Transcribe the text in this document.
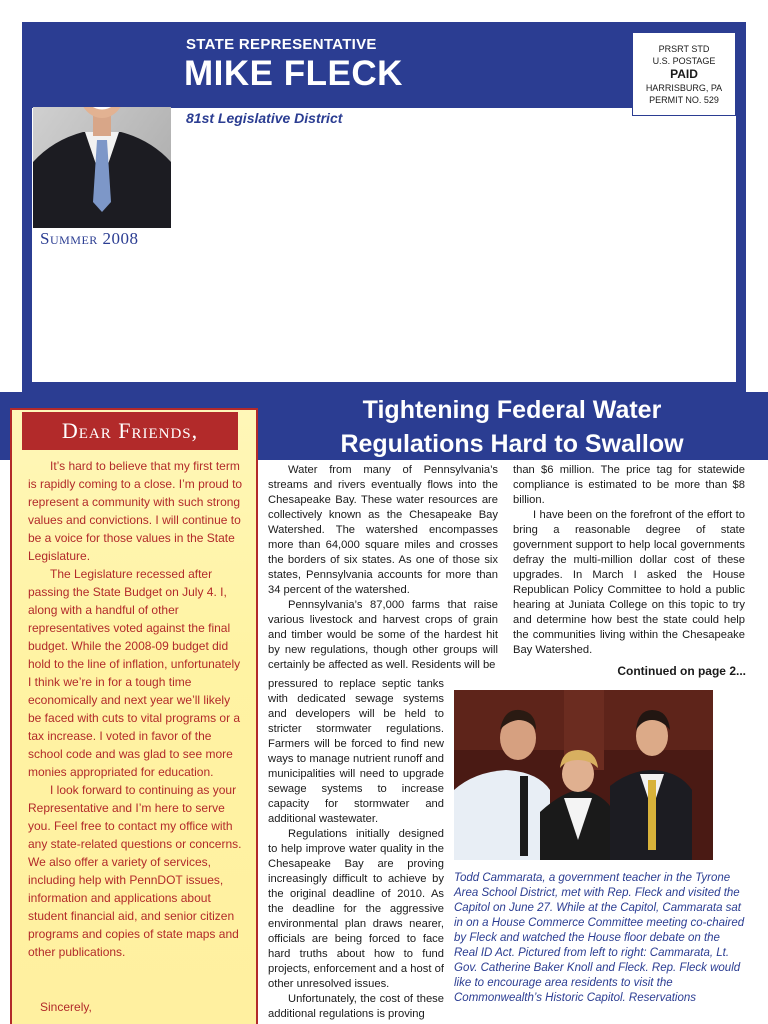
STATE REPRESENTATIVE
MIKE FLECK
81st Legislative District
Summer 2008
PRSRT STD
U.S. POSTAGE
PAID
HARRISBURG, PA
PERMIT NO. 529
Tightening Federal Water
Regulations Hard to Swallow
Dear Friends,

It’s hard to believe that my first term is rapidly coming to a close. I’m proud to represent a community with such strong values and convictions. I will continue to be a voice for those values in the State Legislature.

The Legislature recessed after passing the State Budget on July 4. I, along with a handful of other representatives voted against the final budget. While the 2008-09 budget did hold to the line of inflation, unfortunately I think we’re in for a tough time economically and next year we’ll likely be faced with cuts to vital programs or a tax increase. I voted in favor of the school code and was glad to see more monies appropriated for education.

I look forward to continuing as your Representative and I’m here to serve you. Feel free to contact my office with any state-related questions or concerns. We also offer a variety of services, including help with PennDOT issues, information and applications about student financial aid, and senior citizen programs and copies of state maps and other publications.

Sincerely,

Water from many of Pennsylvania’s streams and rivers eventually flows into the Chesapeake Bay. These water resources are collectively known as the Chesapeake Bay Watershed. The watershed encompasses more than 64,000 square miles and crosses the borders of six states. As one of those six states, Pennsylvania accounts for more than 34 percent of the watershed.

Pennsylvania’s 87,000 farms that raise various livestock and harvest crops of grain and timber would be some of the hardest hit by new regulations, though other groups will certainly be affected as well. Residents will be

pressured to replace septic tanks with dedicated sewage systems and developers will be held to stricter stormwater regulations. Farmers will be forced to find new ways to manage nutrient runoff and municipalities will need to upgrade sewage systems to increase capacity for stormwater and additional wastewater.

Regulations initially designed to help improve water quality in the Chesapeake Bay are proving increasingly difficult to achieve by the original deadline of 2010. As the deadline for the aggressive environmental plan draws nearer, officials are being forced to face hard truths about how to fund projects, enforcement and a host of other unresolved issues.

Unfortunately, the cost of these additional regulations is proving

than $6 million. The price tag for statewide compliance is estimated to be more than $8 billion.

I have been on the forefront of the effort to bring a reasonable degree of state government support to help local governments defray the multi-million dollar cost of these upgrades. In March I asked the House Republican Policy Committee to hold a public hearing at Juniata College on this topic to try and determine how best the state could help the communities living within the Chesapeake Bay Watershed.

Continued on page 2...
Todd Cammarata, a government teacher in the Tyrone Area School District, met with Rep. Fleck and visited the Capitol on June 27. While at the Capitol, Cammarata sat in on a House Commerce Committee meeting co-chaired by Fleck and watched the House floor debate on the Real ID Act. Pictured from left to right: Cammarata, Lt. Gov. Catherine Baker Knoll and Fleck. Rep. Fleck would like to encourage area residents to visit the Commonwealth’s Historic Capitol. Reservations
